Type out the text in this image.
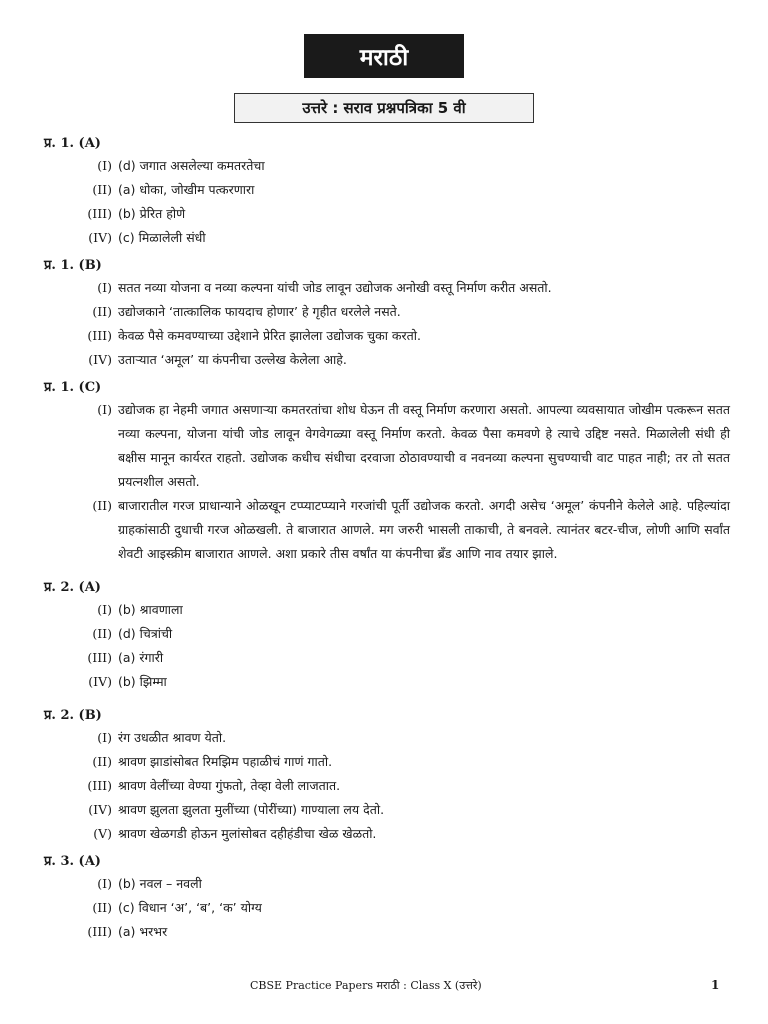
मराठी
उत्तरे : सराव प्रश्नपत्रिका 5 वी
प्र. 1. (A)
(I) (d) जगात असलेल्या कमतरतेचा
(II) (a) धोका, जोखीम पत्करणारा
(III) (b) प्रेरित होणे
(IV) (c) मिळालेली संधी
प्र. 1. (B)
(I) सतत नव्या योजना व नव्या कल्पना यांची जोड लावून उद्योजक अनोखी वस्तू निर्माण करीत असतो.
(II) उद्योजकाने ‘तात्कालिक फायदाच होणार’ हे गृहीत धरलेले नसते.
(III) केवळ पैसे कमवण्याच्या उद्देशाने प्रेरित झालेला उद्योजक चुका करतो.
(IV) उताऱ्यात ‘अमूल’ या कंपनीचा उल्लेख केलेला आहे.
प्र. 1. (C)
(I) उद्योजक हा नेहमी जगात असणाऱ्या कमतरतांचा शोध घेऊन ती वस्तू निर्माण करणारा असतो. आपल्या व्यवसायात जोखीम पत्करून सतत नव्या कल्पना, योजना यांची जोड लावून वेगवेगळ्या वस्तू निर्माण करतो. केवळ पैसा कमवणे हे त्याचे उद्दिष्ट नसते. मिळालेली संधी ही बक्षीस मानून कार्यरत राहतो. उद्योजक कधीच संधीचा दरवाजा ठोठावण्याची व नवनव्या कल्पना सुचण्याची वाट पाहत नाही; तर तो सतत प्रयत्नशील असतो.
(II) बाजारातील गरज प्राधान्याने ओळखून टप्प्याटप्प्याने गरजांची पूर्ती उद्योजक करतो. अगदी असेच ‘अमूल’ कंपनीने केलेले आहे. पहिल्यांदा ग्राहकांसाठी दुधाची गरज ओळखली. ते बाजारात आणले. मग जरुरी भासली ताकाची, ते बनवले. त्यानंतर बटर-चीज, लोणी आणि सर्वांत शेवटी आइस्क्रीम बाजारात आणले. अशा प्रकारे तीस वर्षांत या कंपनीचा ब्रँड आणि नाव तयार झाले.
प्र. 2. (A)
(I) (b) श्रावणाला
(II) (d) चित्रांची
(III) (a) रंगारी
(IV) (b) झिम्मा
प्र. 2. (B)
(I) रंग उधळीत श्रावण येतो.
(II) श्रावण झाडांसोबत रिमझिम पहाळीचं गाणं गातो.
(III) श्रावण वेलींच्या वेण्या गुंफतो, तेव्हा वेली लाजतात.
(IV) श्रावण झुलता झुलता मुलींच्या (पोरींच्या) गाण्याला लय देतो.
(V) श्रावण खेळगडी होऊन मुलांसोबत दहीहंडीचा खेळ खेळतो.
प्र. 3. (A)
(I) (b) नवल – नवली
(II) (c) विधान ‘अ’, ‘ब’, ‘क’ योग्य
(III) (a) भरभर
CBSE Practice Papers मराठी : Class X (उत्तरे)	1
